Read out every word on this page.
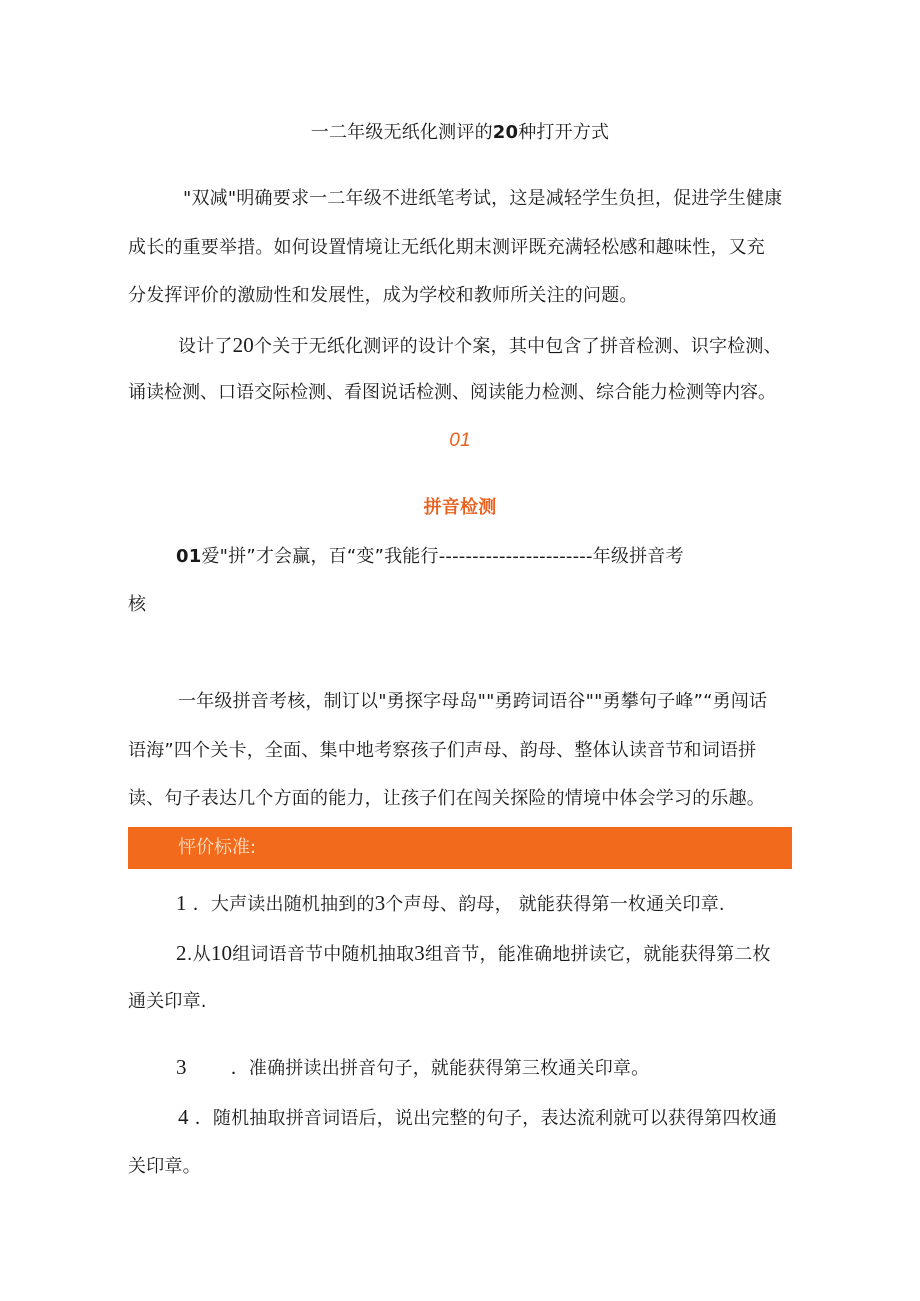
一二年级无纸化测评的20种打开方式
"双减"明确要求一二年级不进纸笔考试，这是减轻学生负担，促进学生健康
成长的重要举措。如何设置情境让无纸化期末测评既充满轻松感和趣味性，又充
分发挥评价的激励性和发展性，成为学校和教师所关注的问题。
设计了20个关于无纸化测评的设计个案，其中包含了拼音检测、识字检测、
诵读检测、口语交际检测、看图说话检测、阅读能力检测、综合能力检测等内容。
01
拼音检测
01爱"拼”才会赢，百“变”我能行-----------------------年级拼音考
核
一年级拼音考核，制订以"勇探字母岛""勇跨词语谷""勇攀句子峰”“勇闯话
语海”四个关卡，全面、集中地考察孩子们声母、韵母、整体认读音节和词语拼
读、句子表达几个方面的能力，让孩子们在闯关探险的情境中体会学习的乐趣。
怦价标准:
1 ．大声读出随机抽到的3个声母、韵母， 就能获得第一枚通关印章.
2.从10组词语音节中随机抽取3组音节，能准确地拼读它，就能获得第二枚
通关印章.
3 ．准确拼读出拼音句子，就能获得第三枚通关印章。
4 ．随机抽取拼音词语后，说出完整的句子，表达流利就可以获得第四枚通
关印章。
